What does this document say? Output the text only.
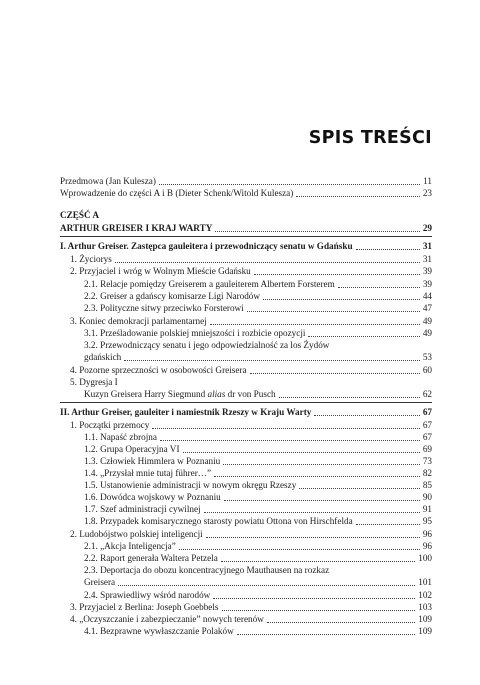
SPIS TREŚCI
Przedmowa (Jan Kulesza)	11
Wprowadzenie do części A i B (Dieter Schenk/Witold Kulesza)	23
CZĘŚĆ A
ARTHUR GREISER I KRAJ WARTY	29
I. Arthur Greiser. Zastępca gauleitera i przewodniczący senatu w Gdańsku	31
1. Życiorys	31
2. Przyjaciel i wróg w Wolnym Mieście Gdańsku	39
2.1. Relacje pomiędzy Greiserem a gauleiterem Albertem Forsterem	39
2.2. Greiser a gdańscy komisarze Ligi Narodów	44
2.3. Polityczne sitwy przeciwko Forsterowi	47
3. Koniec demokracji parlamentarnej	49
3.1. Prześladowanie polskiej mniejszości i rozbicie opozycji	49
3.2. Przewodniczący senatu i jego odpowiedzialność za los Żydów
gdańskich	53
4. Pozorne sprzeczności w osobowości Greisera	60
5. Dygresja I
Kuzyn Greisera Harry Siegmund alias dr von Pusch	62
II. Arthur Greiser, gauleiter i namiestnik Rzeszy w Kraju Warty	67
1. Początki przemocy	67
1.1. Napaść zbrojna	67
1.2. Grupa Operacyjna VI	69
1.3. Człowiek Himmlera w Poznaniu	73
1.4. „Przysłał mnie tutaj führer…”	82
1.5. Ustanowienie administracji w nowym okręgu Rzeszy	85
1.6. Dowódca wojskowy w Poznaniu	90
1.7. Szef administracji cywilnej	91
1.8. Przypadek komisarycznego starosty powiatu Ottona von Hirschfelda	95
2. Ludobójstwo polskiej inteligencji	96
2.1. „Akcja Inteligencja”	96
2.2. Raport generała Waltera Petzela	100
2.3. Deportacja do obozu koncentracyjnego Mauthausen na rozkaz
Greisera	101
2.4. Sprawiedliwy wśród narodów	102
3. Przyjaciel z Berlina: Joseph Goebbels	103
4. „Oczyszczanie i zabezpieczanie” nowych terenów	109
4.1. Bezprawne wywłaszczanie Polaków	109
